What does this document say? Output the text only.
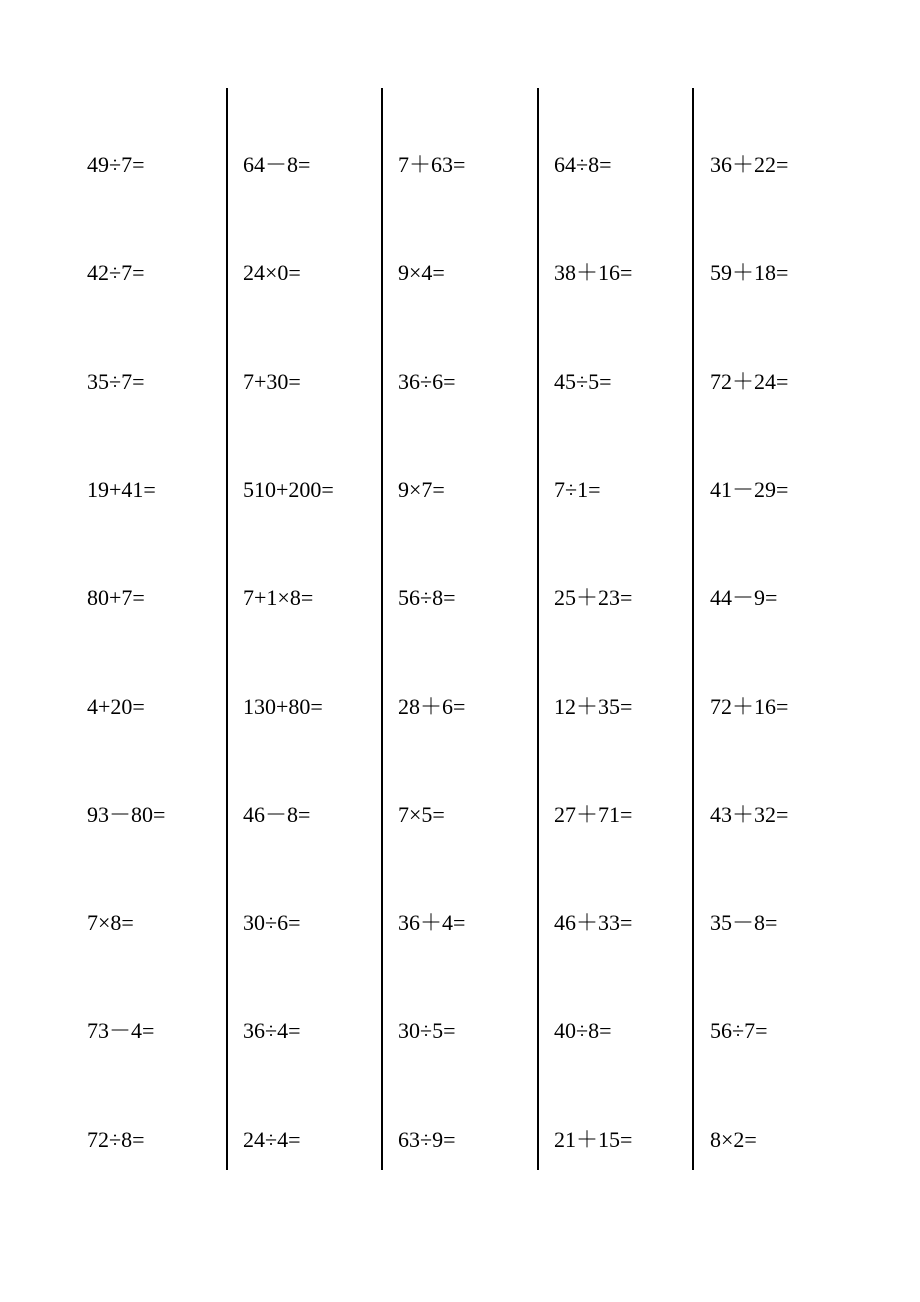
49÷7=
42÷7=
35÷7=
19+41=
80+7=
4+20=
93－80=
7×8=
73－4=
72÷8=
64－8=
24×0=
7+30=
510+200=
7+1×8=
130+80=
46－8=
30÷6=
36÷4=
24÷4=
7＋63=
9×4=
36÷6=
9×7=
56÷8=
28＋6=
7×5=
36＋4=
30÷5=
63÷9=
64÷8=
38＋16=
45÷5=
7÷1=
25＋23=
12＋35=
27＋71=
46＋33=
40÷8=
21＋15=
36＋22=
59＋18=
72＋24=
41－29=
44－9=
72＋16=
43＋32=
35－8=
56÷7=
8×2=
